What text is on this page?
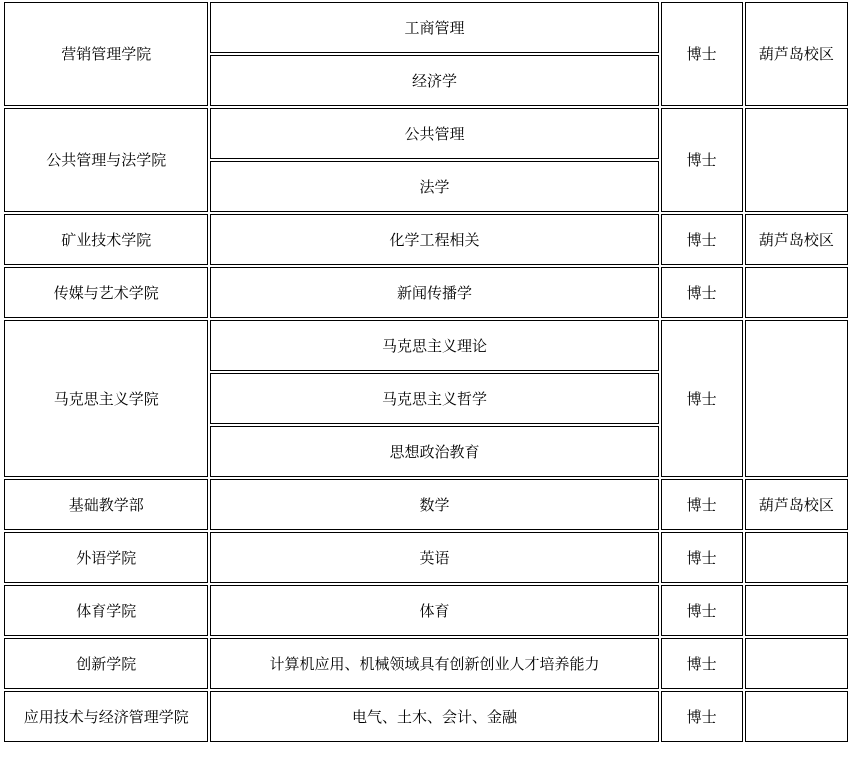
营销管理学院	工商管理	博士	葫芦岛校区
	经济学		
公共管理与法学院	公共管理	博士	
	法学		
矿业技术学院	化学工程相关	博士	葫芦岛校区
传媒与艺术学院	新闻传播学	博士	
马克思主义学院	马克思主义理论	博士	
	马克思主义哲学		
	思想政治教育		
基础教学部	数学	博士	葫芦岛校区
外语学院	英语	博士	
体育学院	体育	博士	
创新学院	计算机应用、机械领域具有创新创业人才培养能力	博士	
应用技术与经济管理学院	电气、土木、会计、金融	博士	
